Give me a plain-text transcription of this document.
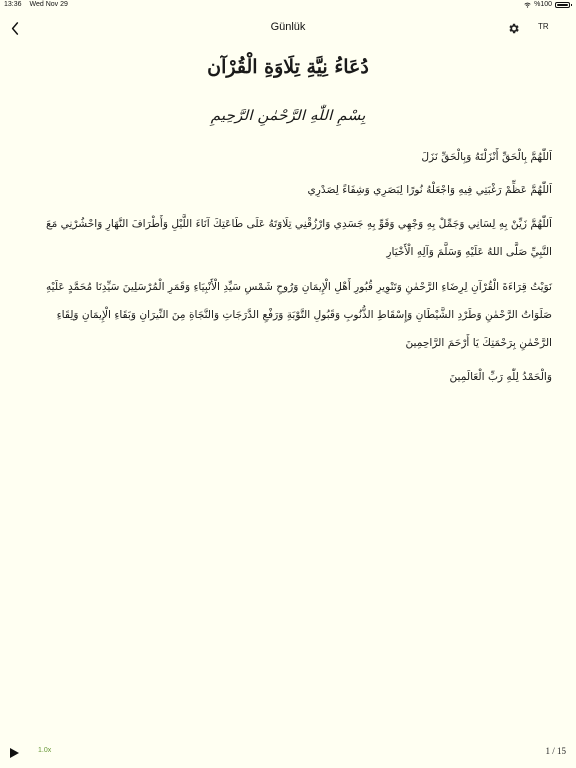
13:36 Wed Nov 29	%100
Günlük	TR
دُعَاءُ نِيَّةِ تِلَاوَةِ الْقُرْآن
بِسْمِ اللّٰهِ الرَّحْمٰنِ الرَّحِيمِ

اَللّٰهُمَّ بِالْحَقِّ أَنْزَلْتَهُ وَبِالْحَقِّ نَزَلَ

اَللّٰهُمَّ عَظِّمْ رَغْبَتِي فِيهِ وَاجْعَلْهُ نُورًا لِبَصَرِي وَشِفَاءً لِصَدْرِي

اَللّٰهُمَّ زَيِّنْ بِهِ لِسَانِي وَجَمِّلْ بِهِ وَجْهِي وَقَوِّ بِهِ جَسَدِي وَارْزُقْنِي تِلَاوَتَهُ عَلَى طَاعَتِكَ آنَاءَ اللَّيْلِ وَأَطْرَافَ النَّهَارِ وَاحْشُرْنِي مَعَ النَّبِيِّ صَلَّى اللهُ عَلَيْهِ وَسَلَّمَ وَآلِهِ الْأَخْيَارِ

نَوَيْتُ قِرَاءَةَ الْقُرْآنِ لِرِضَاءِ الرَّحْمٰنِ وَتَنْوِيرِ قُبُورِ أَهْلِ الْإِيمَانِ وَرُوحِ شَمْسِ سَيِّدِ الْأَنْبِيَاءِ وَقَمَرِ الْمُرْسَلِينَ سَيِّدِنَا مُحَمَّدٍ عَلَيْهِ صَلَوَاتُ الرَّحْمٰنِ وَطَرْدِ الشَّيْطَانِ وَإِسْقَاطِ الذُّنُوبِ وَقَبُولِ التَّوْبَةِ وَرَفْعِ الدَّرَجَاتِ وَالنَّجَاةِ مِنَ النِّيرَانِ وَبَقَاءِ الْإِيمَانِ وَلِقَاءِ الرَّحْمٰنِ بِرَحْمَتِكَ يَا أَرْحَمَ الرَّاحِمِينَ

وَالْحَمْدُ لِلّٰهِ رَبِّ الْعَالَمِينَ

1.0x	1 / 15
